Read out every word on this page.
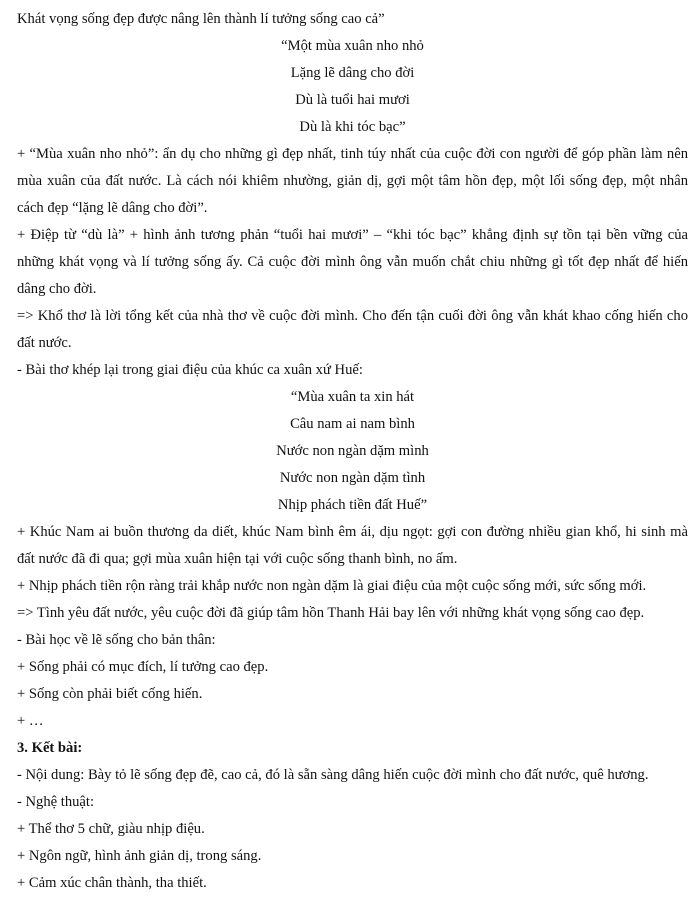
Khát vọng sống đẹp được nâng lên thành lí tưởng sống cao cả”

“Một mùa xuân nho nhỏ

Lặng lẽ dâng cho đời

Dù là tuổi hai mươi

Dù là khi tóc bạc”

+ “Mùa xuân nho nhỏ”: ẩn dụ cho những gì đẹp nhất, tinh túy nhất của cuộc đời con người để góp phần làm nên mùa xuân của đất nước. Là cách nói khiêm nhường, giản dị, gợi một tâm hồn đẹp, một lối sống đẹp, một nhân cách đẹp “lặng lẽ dâng cho đời”.

+ Điệp từ “dù là” + hình ảnh tương phản “tuổi hai mươi” – “khi tóc bạc” khẳng định sự tồn tại bền vững của những khát vọng và lí tưởng sống ấy. Cả cuộc đời mình ông vẫn muốn chắt chiu những gì tốt đẹp nhất để hiến dâng cho đời.

=> Khổ thơ là lời tổng kết của nhà thơ về cuộc đời mình. Cho đến tận cuối đời ông vẫn khát khao cống hiến cho đất nước.

- Bài thơ khép lại trong giai điệu của khúc ca xuân xứ Huế:

“Mùa xuân ta xin hát

Câu nam ai nam bình

Nước non ngàn dặm mình

Nước non ngàn dặm tình

Nhịp phách tiền đất Huế”

+ Khúc Nam ai buồn thương da diết, khúc Nam bình êm ái, dịu ngọt: gợi con đường nhiều gian khổ, hi sinh mà đất nước đã đi qua; gợi mùa xuân hiện tại với cuộc sống thanh bình, no ấm.

+ Nhịp phách tiền rộn ràng trải khắp nước non ngàn dặm là giai điệu của một cuộc sống mới, sức sống mới.

=> Tình yêu đất nước, yêu cuộc đời đã giúp tâm hồn Thanh Hải bay lên với những khát vọng sống cao đẹp.

- Bài học về lẽ sống cho bản thân:

+ Sống phải có mục đích, lí tưởng cao đẹp.

+ Sống còn phải biết cống hiến.

+ …

3. Kết bài:

- Nội dung: Bày tỏ lẽ sống đẹp đẽ, cao cả, đó là sẵn sàng dâng hiến cuộc đời mình cho đất nước, quê hương.

- Nghệ thuật:

+ Thể thơ 5 chữ, giàu nhịp điệu.

+ Ngôn ngữ, hình ảnh giản dị, trong sáng.

+ Cảm xúc chân thành, tha thiết.
